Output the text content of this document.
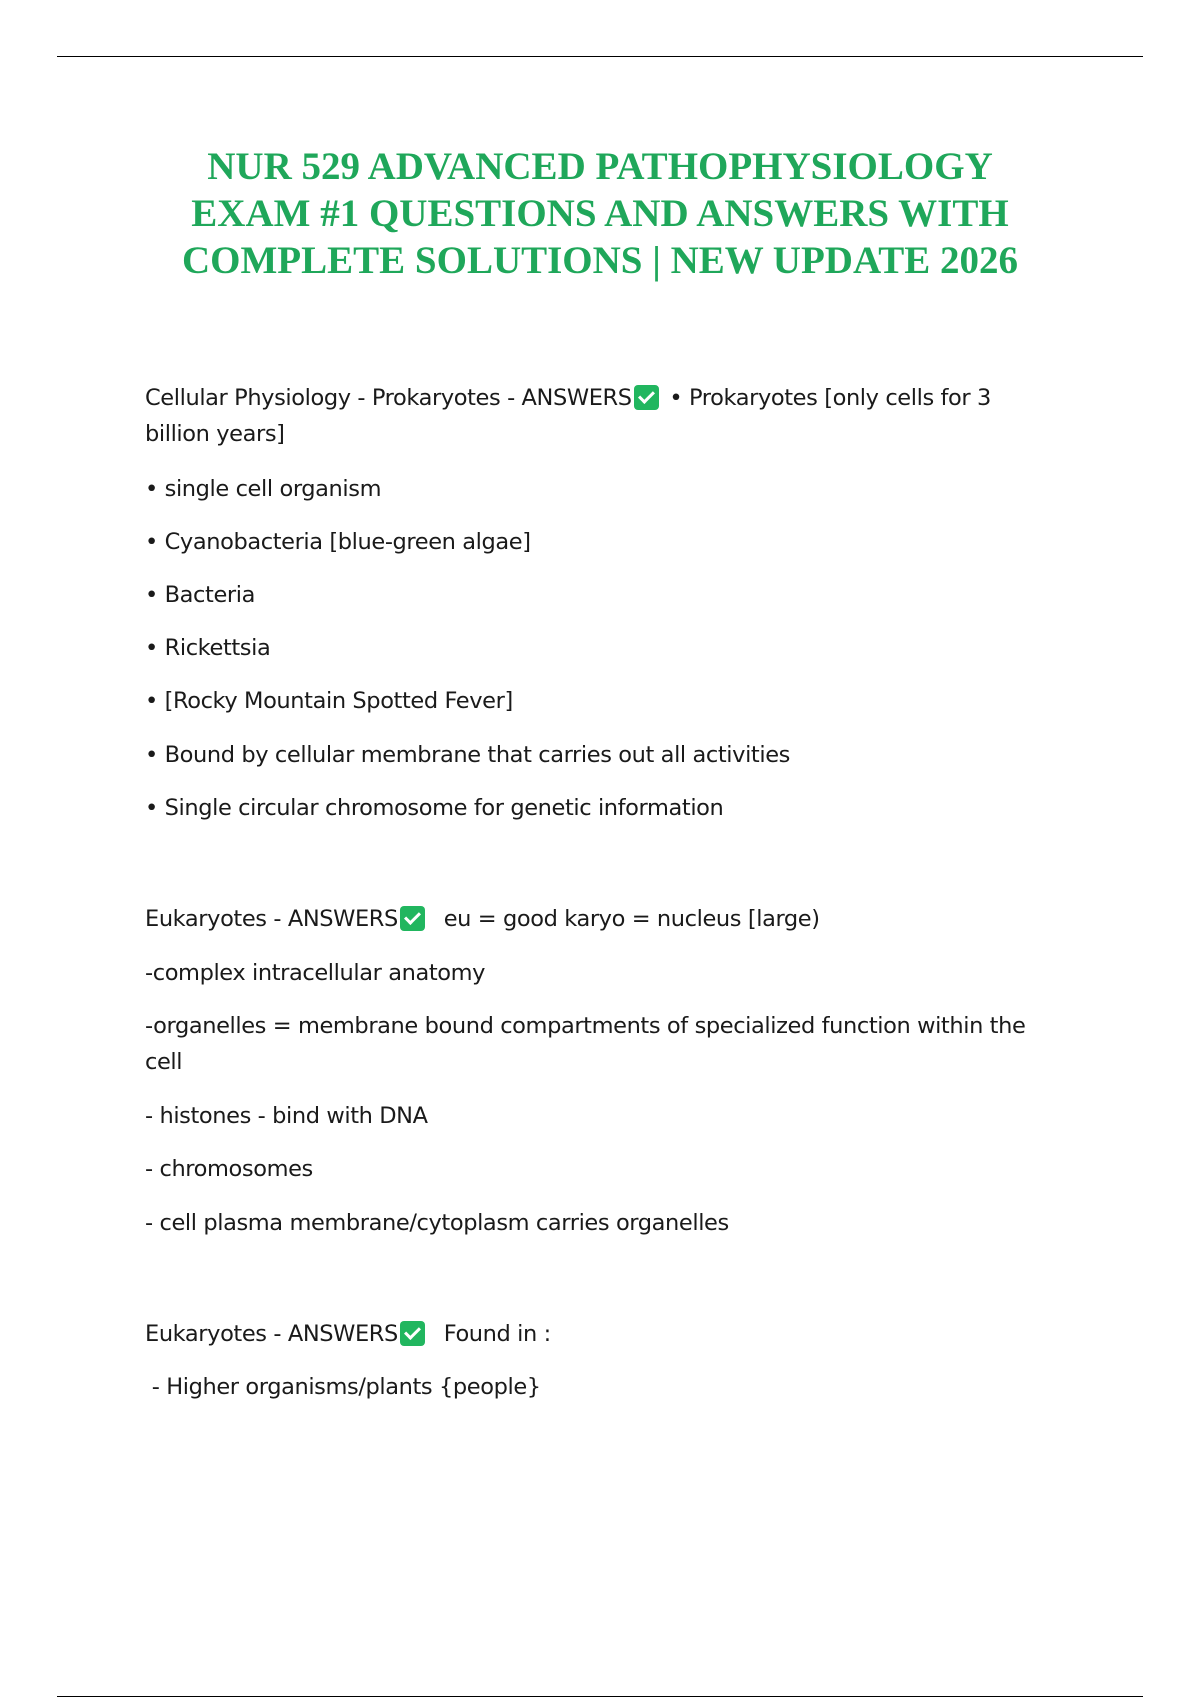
NUR 529 ADVANCED PATHOPHYSIOLOGY
EXAM #1 QUESTIONS AND ANSWERS WITH
COMPLETE SOLUTIONS | NEW UPDATE 2026
Cellular Physiology - Prokaryotes - ANSWERS • Prokaryotes [only cells for 3
billion years]
• single cell organism
• Cyanobacteria [blue-green algae]
• Bacteria
• Rickettsia
• [Rocky Mountain Spotted Fever]
• Bound by cellular membrane that carries out all activities
• Single circular chromosome for genetic information
Eukaryotes - ANSWERS eu = good karyo = nucleus [large)
-complex intracellular anatomy
-organelles = membrane bound compartments of specialized function within the
cell
- histones - bind with DNA
- chromosomes
- cell plasma membrane/cytoplasm carries organelles
Eukaryotes - ANSWERS Found in :
- Higher organisms/plants {people}
